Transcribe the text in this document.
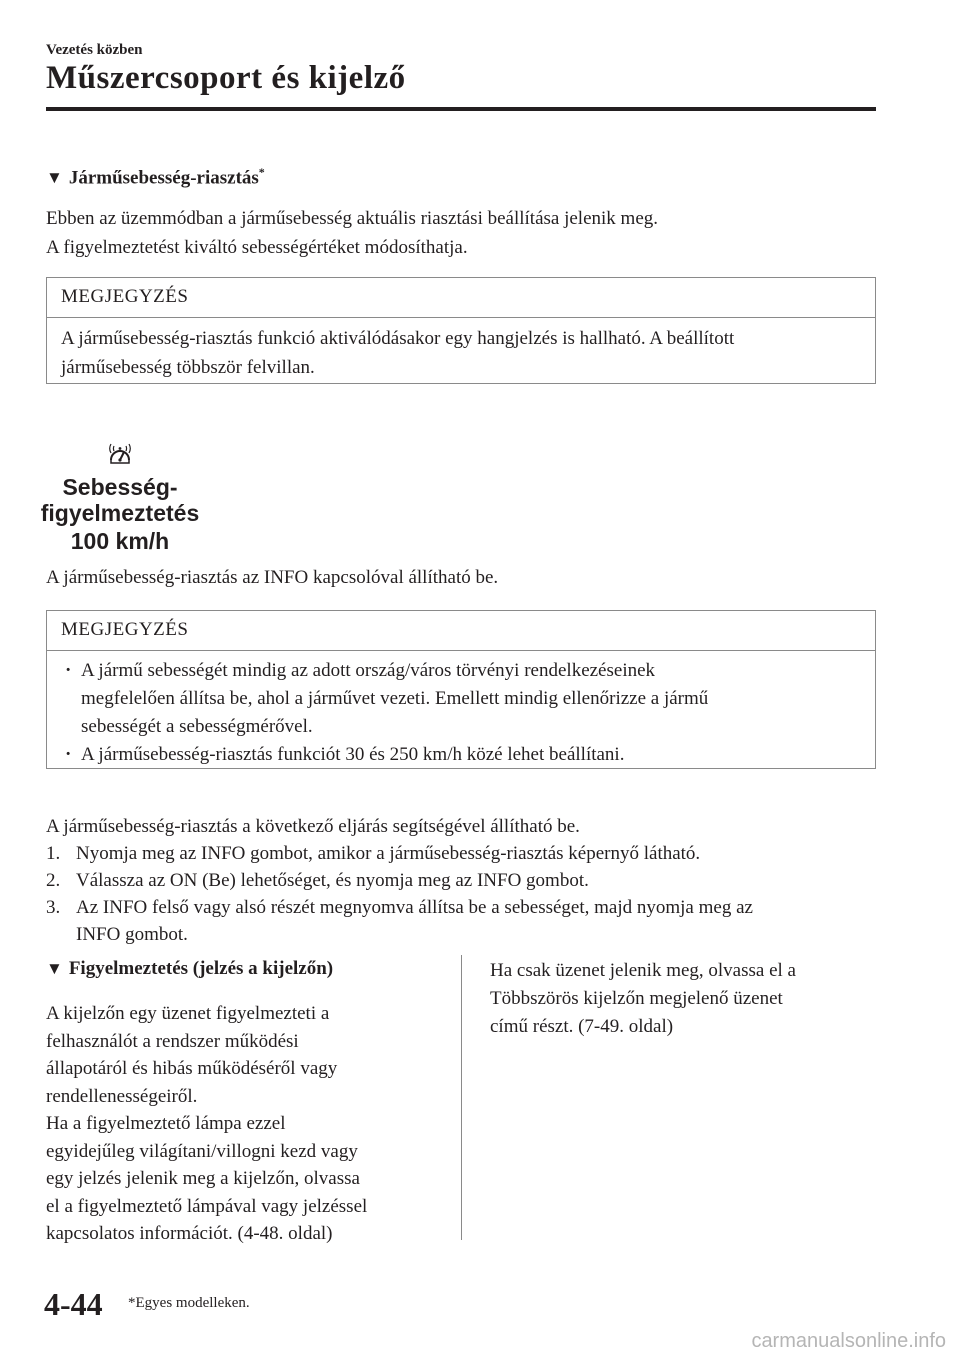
Vezetés közben
Műszercsoport és kijelző
▼ Járműsebesség-riasztás*
Ebben az üzemmódban a járműsebesség aktuális riasztási beállítása jelenik meg.
A figyelmeztetést kiváltó sebességértéket módosíthatja.
MEGJEGYZÉS
A járműsebesség-riasztás funkció aktiválódásakor egy hangjelzés is hallható. A beállított
járműsebesség többször felvillan.
Sebesség-
figyelmeztetés
100 km/h
A járműsebesség-riasztás az INFO kapcsolóval állítható be.
MEGJEGYZÉS
· A jármű sebességét mindig az adott ország/város törvényi rendelkezéseinek
megfelelően állítsa be, ahol a járművet vezeti. Emellett mindig ellenőrizze a jármű
sebességét a sebességmérővel.
· A járműsebesség-riasztás funkciót 30 és 250 km/h közé lehet beállítani.
A járműsebesség-riasztás a következő eljárás segítségével állítható be.
1. Nyomja meg az INFO gombot, amikor a járműsebesség-riasztás képernyő látható.
2. Válassza az ON (Be) lehetőséget, és nyomja meg az INFO gombot.
3. Az INFO felső vagy alsó részét megnyomva állítsa be a sebességet, majd nyomja meg az
INFO gombot.
▼ Figyelmeztetés (jelzés a kijelzőn)
A kijelzőn egy üzenet figyelmezteti a
felhasználót a rendszer működési
állapotáról és hibás működéséről vagy
rendellenességeiről.
Ha a figyelmeztető lámpa ezzel
egyidejűleg világítani/villogni kezd vagy
egy jelzés jelenik meg a kijelzőn, olvassa
el a figyelmeztető lámpával vagy jelzéssel
kapcsolatos információt. (4-48. oldal)
Ha csak üzenet jelenik meg, olvassa el a
Többszörös kijelzőn megjelenő üzenet
című részt. (7-49. oldal)
4-44 *Egyes modelleken.
carmanualsonline.info
